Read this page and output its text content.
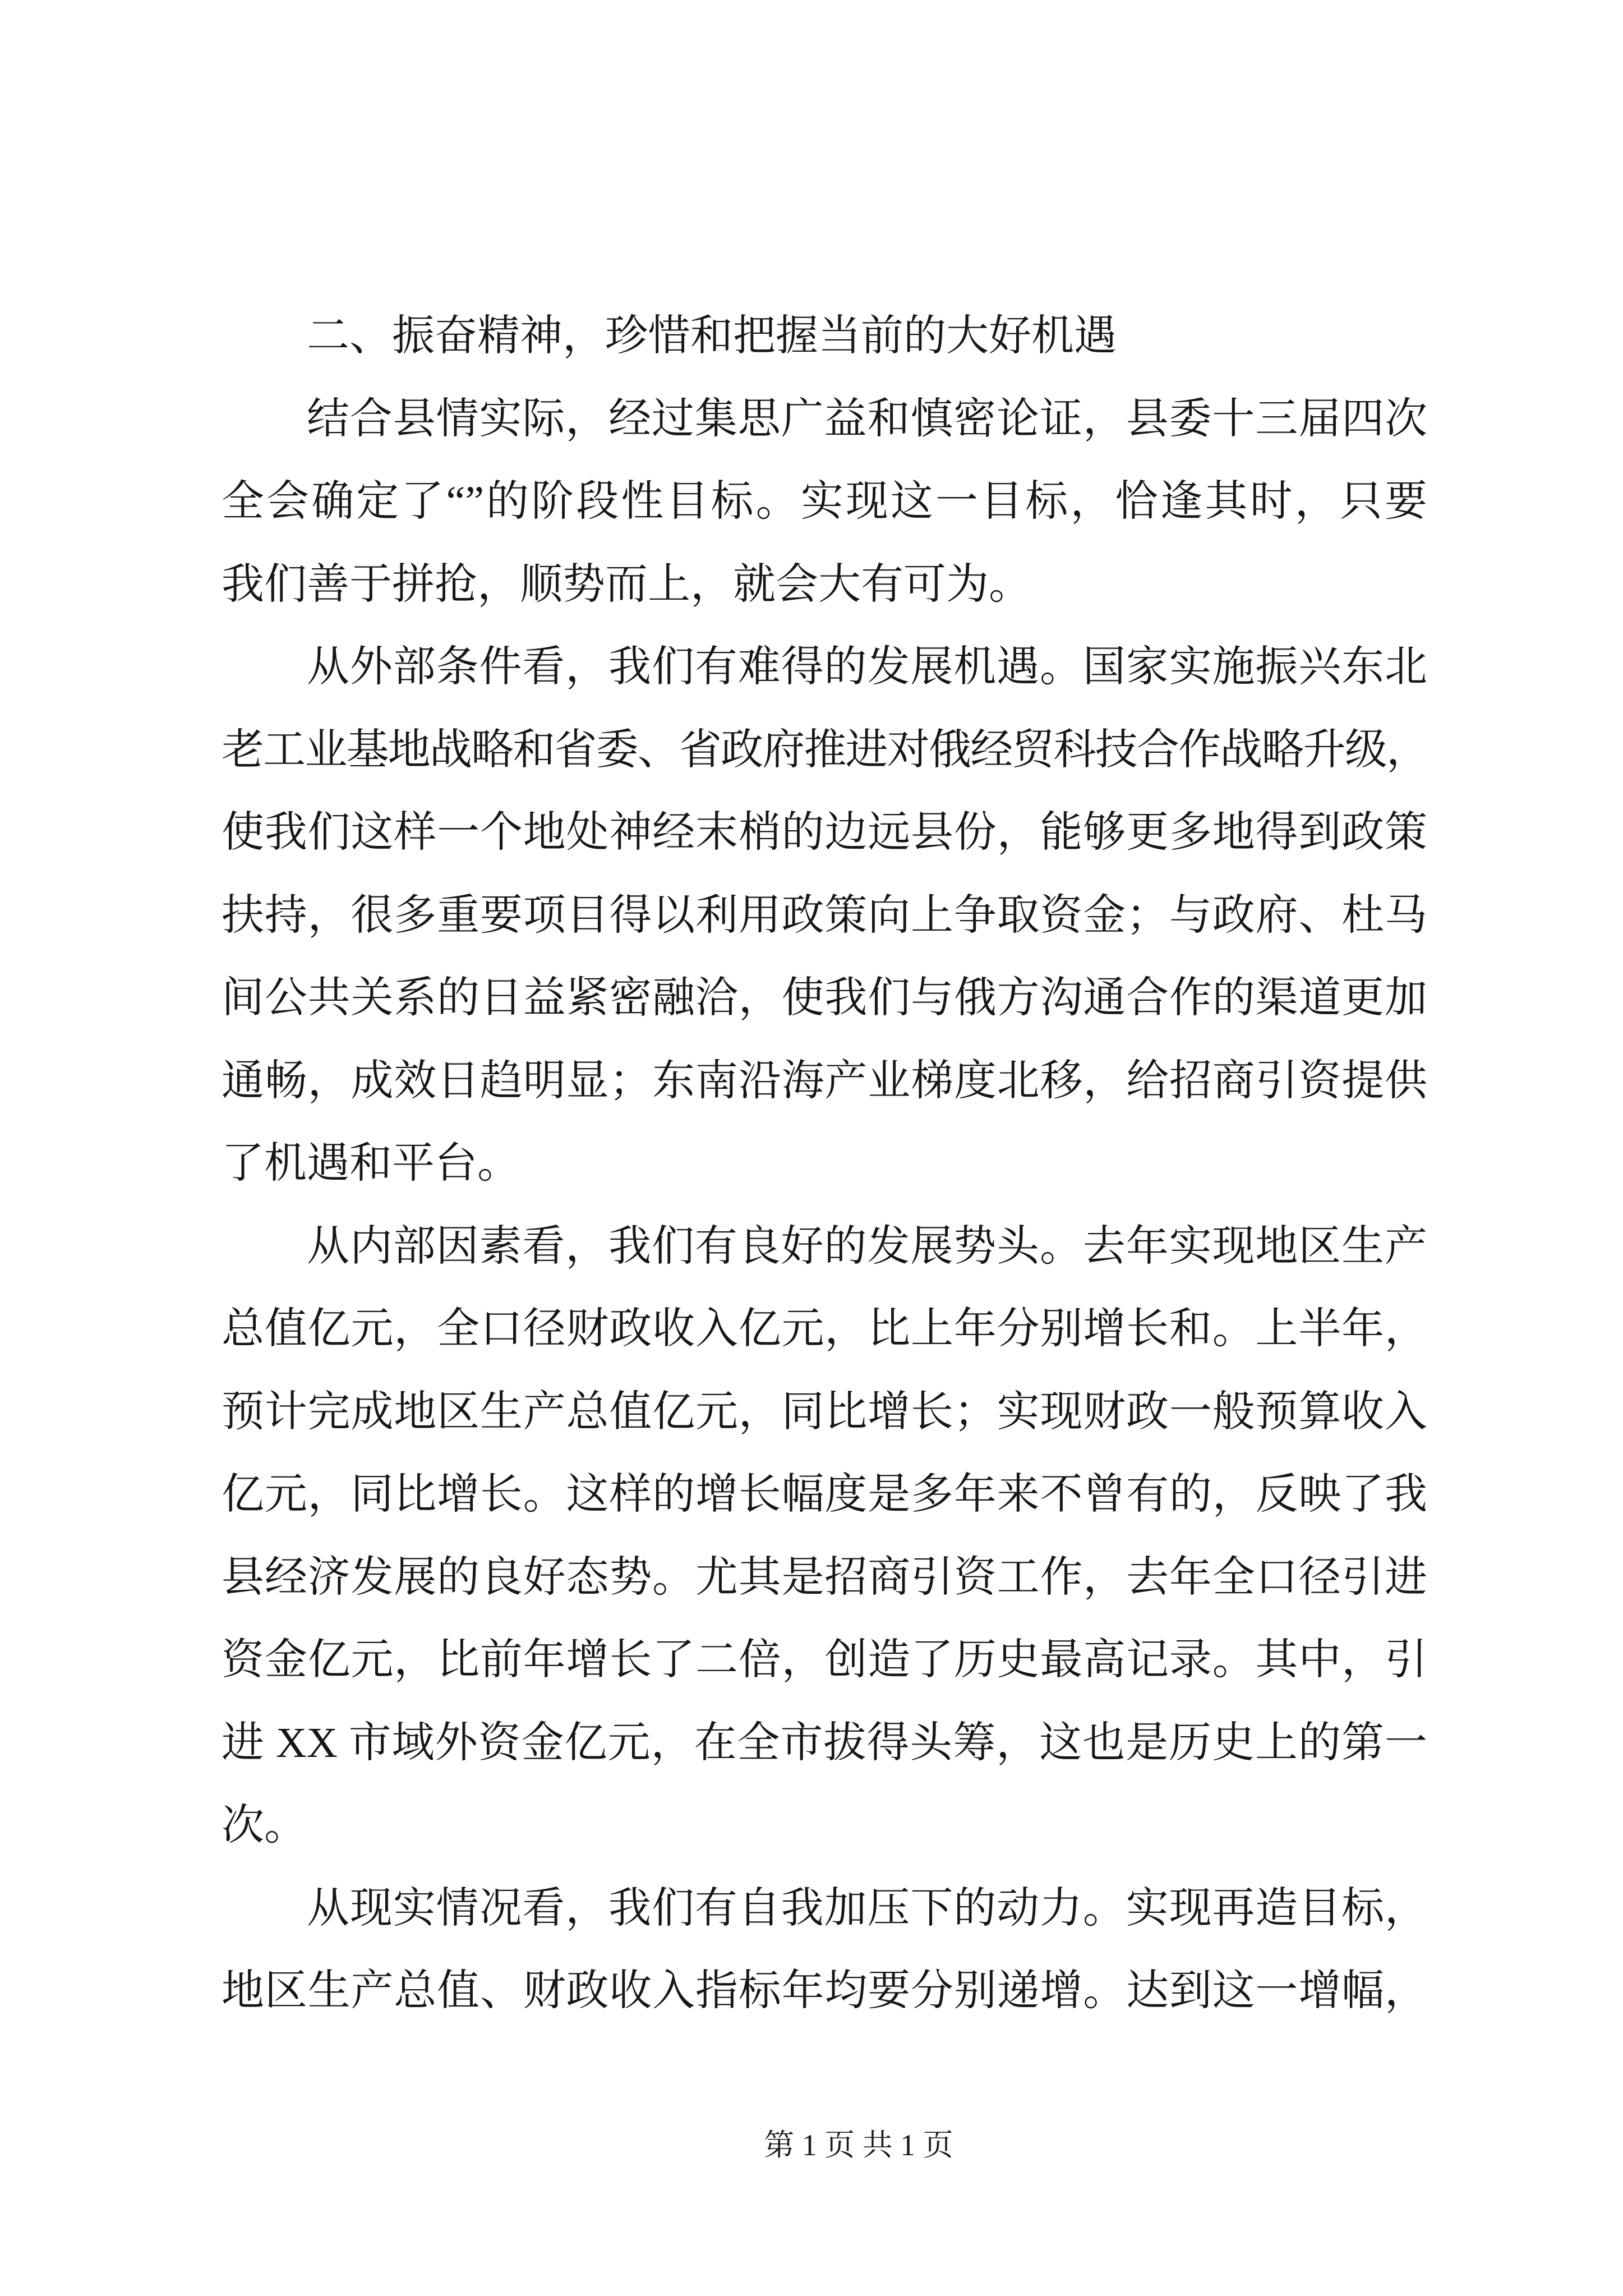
二、振奋精神，珍惜和把握当前的大好机遇
结合县情实际，经过集思广益和慎密论证，县委十三届四次
全会确定了“”的阶段性目标。实现这一目标，恰逢其时，只要
我们善于拼抢，顺势而上，就会大有可为。
从外部条件看，我们有难得的发展机遇。国家实施振兴东北
老工业基地战略和省委、省政府推进对俄经贸科技合作战略升级，
使我们这样一个地处神经末梢的边远县份，能够更多地得到政策
扶持，很多重要项目得以利用政策向上争取资金；与政府、杜马
间公共关系的日益紧密融洽，使我们与俄方沟通合作的渠道更加
通畅，成效日趋明显；东南沿海产业梯度北移，给招商引资提供
了机遇和平台。
从内部因素看，我们有良好的发展势头。去年实现地区生产
总值亿元，全口径财政收入亿元，比上年分别增长和。上半年，
预计完成地区生产总值亿元，同比增长；实现财政一般预算收入
亿元，同比增长。这样的增长幅度是多年来不曾有的，反映了我
县经济发展的良好态势。尤其是招商引资工作，去年全口径引进
资金亿元，比前年增长了二倍，创造了历史最高记录。其中，引
进 XX 市域外资金亿元，在全市拔得头筹，这也是历史上的第一
次。
从现实情况看，我们有自我加压下的动力。实现再造目标，
地区生产总值、财政收入指标年均要分别递增。达到这一增幅，
第 1 页 共 1 页
